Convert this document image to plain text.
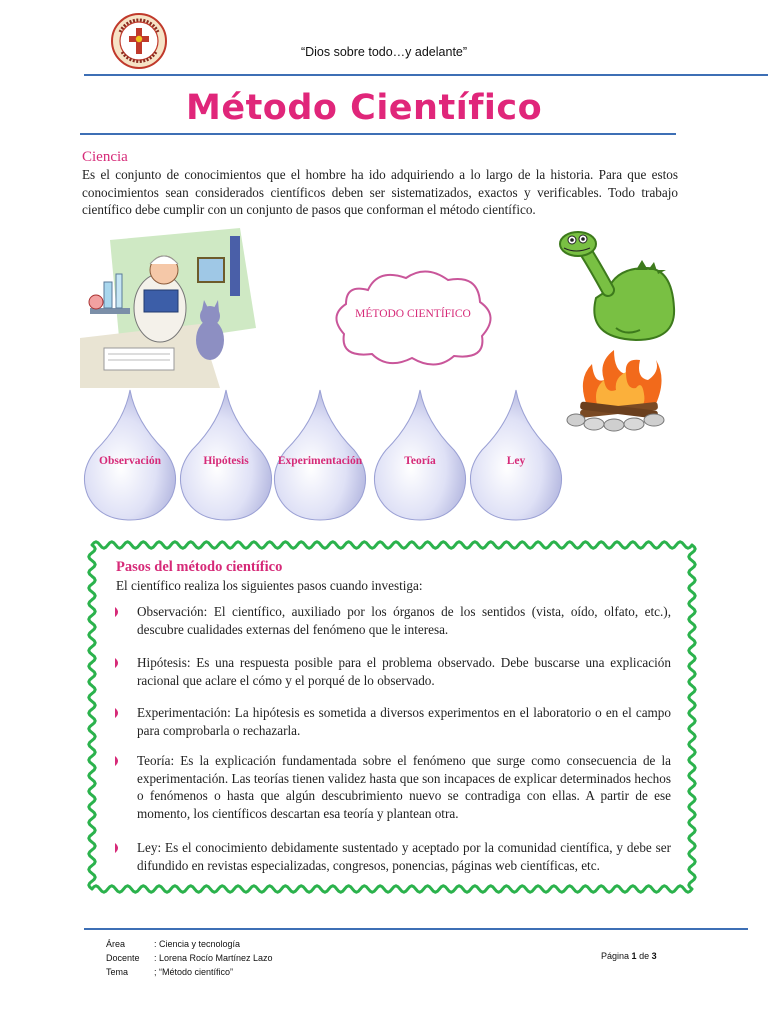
“Dios sobre todo…y adelante”
Método Científico
Ciencia
Es el conjunto de conocimientos que el hombre ha ido adquiriendo a lo largo de la historia. Para que estos conocimientos sean considerados científicos deben ser sistematizados, exactos y verificables. Todo trabajo científico debe cumplir con un conjunto de pasos que conforman el método científico.
MÉTODO CIENTÍFICO
Observación	Hipótesis	Experimentación	Teoría	Ley
Pasos del método científico
El científico realiza los siguientes pasos cuando investiga:
Observación: El científico, auxiliado por los órganos de los sentidos (vista, oído, olfato, etc.), descubre cualidades externas del fenómeno que le interesa.
Hipótesis: Es una respuesta posible para el problema observado. Debe buscarse una explicación racional que aclare el cómo y el porqué de lo observado.
Experimentación: La hipótesis es sometida a diversos experimentos en el laboratorio o en el campo para comprobarla o rechazarla.
Teoría: Es la explicación fundamentada sobre el fenómeno que surge como consecuencia de la experimentación. Las teorías tienen validez hasta que son incapaces de explicar determinados hechos o fenómenos o hasta que algún descubrimiento nuevo se contradiga con ellas. A partir de ese momento, los científicos descartan esa teoría y plantean otra.
Ley: Es el conocimiento debidamente sustentado y aceptado por la comunidad científica, y debe ser difundido en revistas especializadas, congresos, ponencias, páginas web científicas, etc.
Área	: Ciencia y tecnología
Docente : Lorena Rocío Martínez Lazo
Tema	; “Método científico”
Página 1 de 3
